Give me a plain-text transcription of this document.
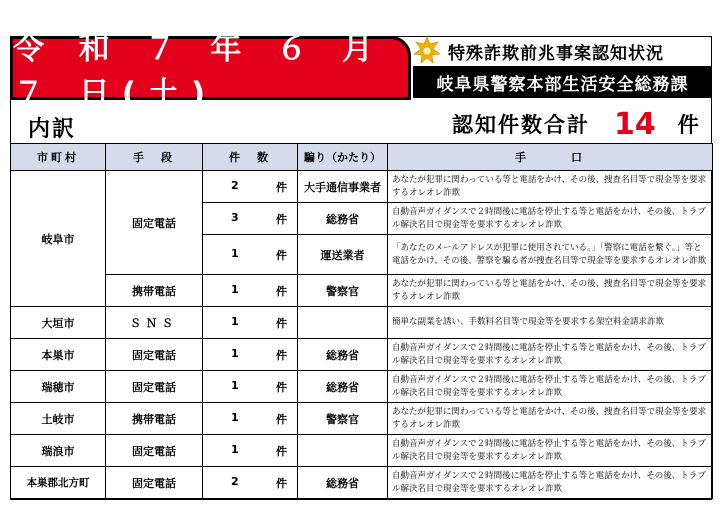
令 和 ７ 年 ６ 月 ７ 日(土)
特殊詐欺前兆事案認知状況
岐阜県警察本部生活安全総務課
内訳	認知件数合計 14 件
市町村	手　段	件　数	騙り（かたり）	手　　　口
岐阜市	固定電話	2 件	大手通信事業者	あなたが犯罪に関わっている等と電話をかけ、その後、捜査名目等で現金等を要求するオレオレ詐欺

		3 件	総務省	自動音声ガイダンスで２時間後に電話を停止する等と電話をかけ、その後、トラブル解決名目で現金等を要求するオレオレ詐欺

		1 件	運送業者	「あなたのメールアドレスが犯罪に使用されている。」「警察に電話を繋ぐ。」等と電話をかけ、その後、警察を騙る者が捜査名目等で現金等を要求するオレオレ詐欺
	携帯電話	1 件	警察官	あなたが犯罪に関わっている等と電話をかけ、その後、捜査名目等で現金等を要求するオレオレ詐欺
大垣市	ＳＮＳ	1 件		簡単な副業を誘い、手数料名目等で現金等を要求する架空料金請求詐欺
本巣市	固定電話	1 件	総務省	自動音声ガイダンスで２時間後に電話を停止する等と電話をかけ、その後、トラブル解決名目で現金等を要求するオレオレ詐欺
瑞穂市	固定電話	1 件	総務省	自動音声ガイダンスで２時間後に電話を停止する等と電話をかけ、その後、トラブル解決名目で現金等を要求するオレオレ詐欺
土岐市	携帯電話	1 件	警察官	あなたが犯罪に関わっている等と電話をかけ、その後、捜査名目等で現金等を要求するオレオレ詐欺
瑞浪市	固定電話	1 件		自動音声ガイダンスで２時間後に電話を停止する等と電話をかけ、その後、トラブル解決名目で現金等を要求するオレオレ詐欺
本巣郡北方町	固定電話	2 件	総務省	自動音声ガイダンスで２時間後に電話を停止する等と電話をかけ、その後、トラブル解決名目で現金等を要求するオレオレ詐欺
